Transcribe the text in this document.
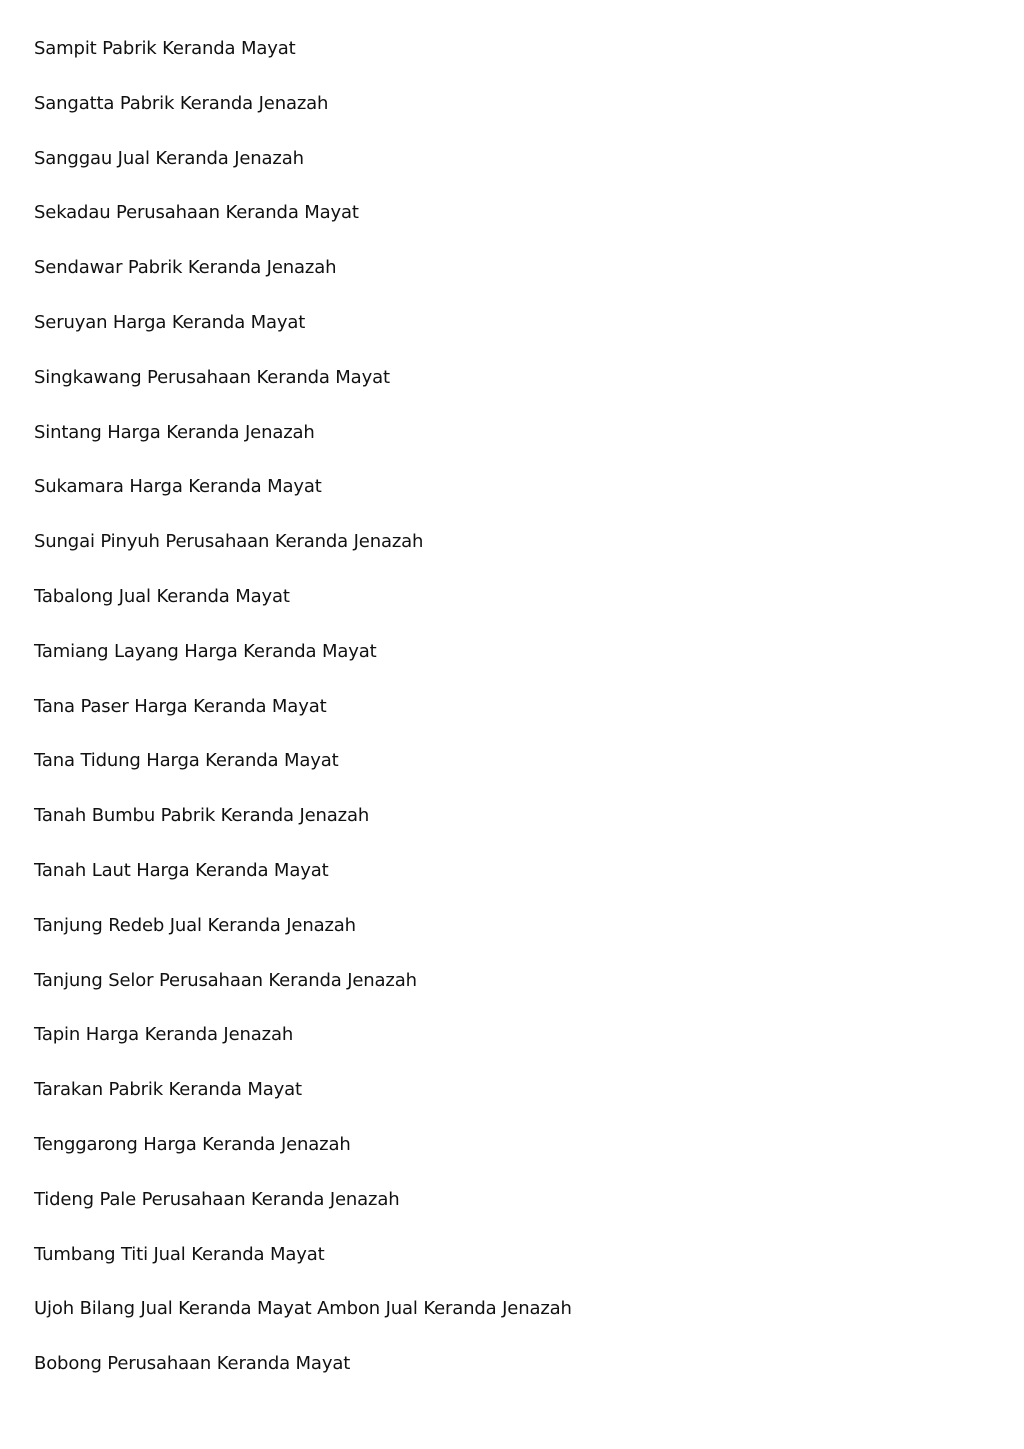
Sampit Pabrik Keranda Mayat
Sangatta Pabrik Keranda Jenazah
Sanggau Jual Keranda Jenazah
Sekadau Perusahaan Keranda Mayat
Sendawar Pabrik Keranda Jenazah
Seruyan Harga Keranda Mayat
Singkawang Perusahaan Keranda Mayat
Sintang Harga Keranda Jenazah
Sukamara Harga Keranda Mayat
Sungai Pinyuh Perusahaan Keranda Jenazah
Tabalong Jual Keranda Mayat
Tamiang Layang Harga Keranda Mayat
Tana Paser Harga Keranda Mayat
Tana Tidung Harga Keranda Mayat
Tanah Bumbu Pabrik Keranda Jenazah
Tanah Laut Harga Keranda Mayat
Tanjung Redeb Jual Keranda Jenazah
Tanjung Selor Perusahaan Keranda Jenazah
Tapin Harga Keranda Jenazah
Tarakan Pabrik Keranda Mayat
Tenggarong Harga Keranda Jenazah
Tideng Pale Perusahaan Keranda Jenazah
Tumbang Titi Jual Keranda Mayat
Ujoh Bilang Jual Keranda Mayat Ambon Jual Keranda Jenazah
Bobong Perusahaan Keranda Mayat
